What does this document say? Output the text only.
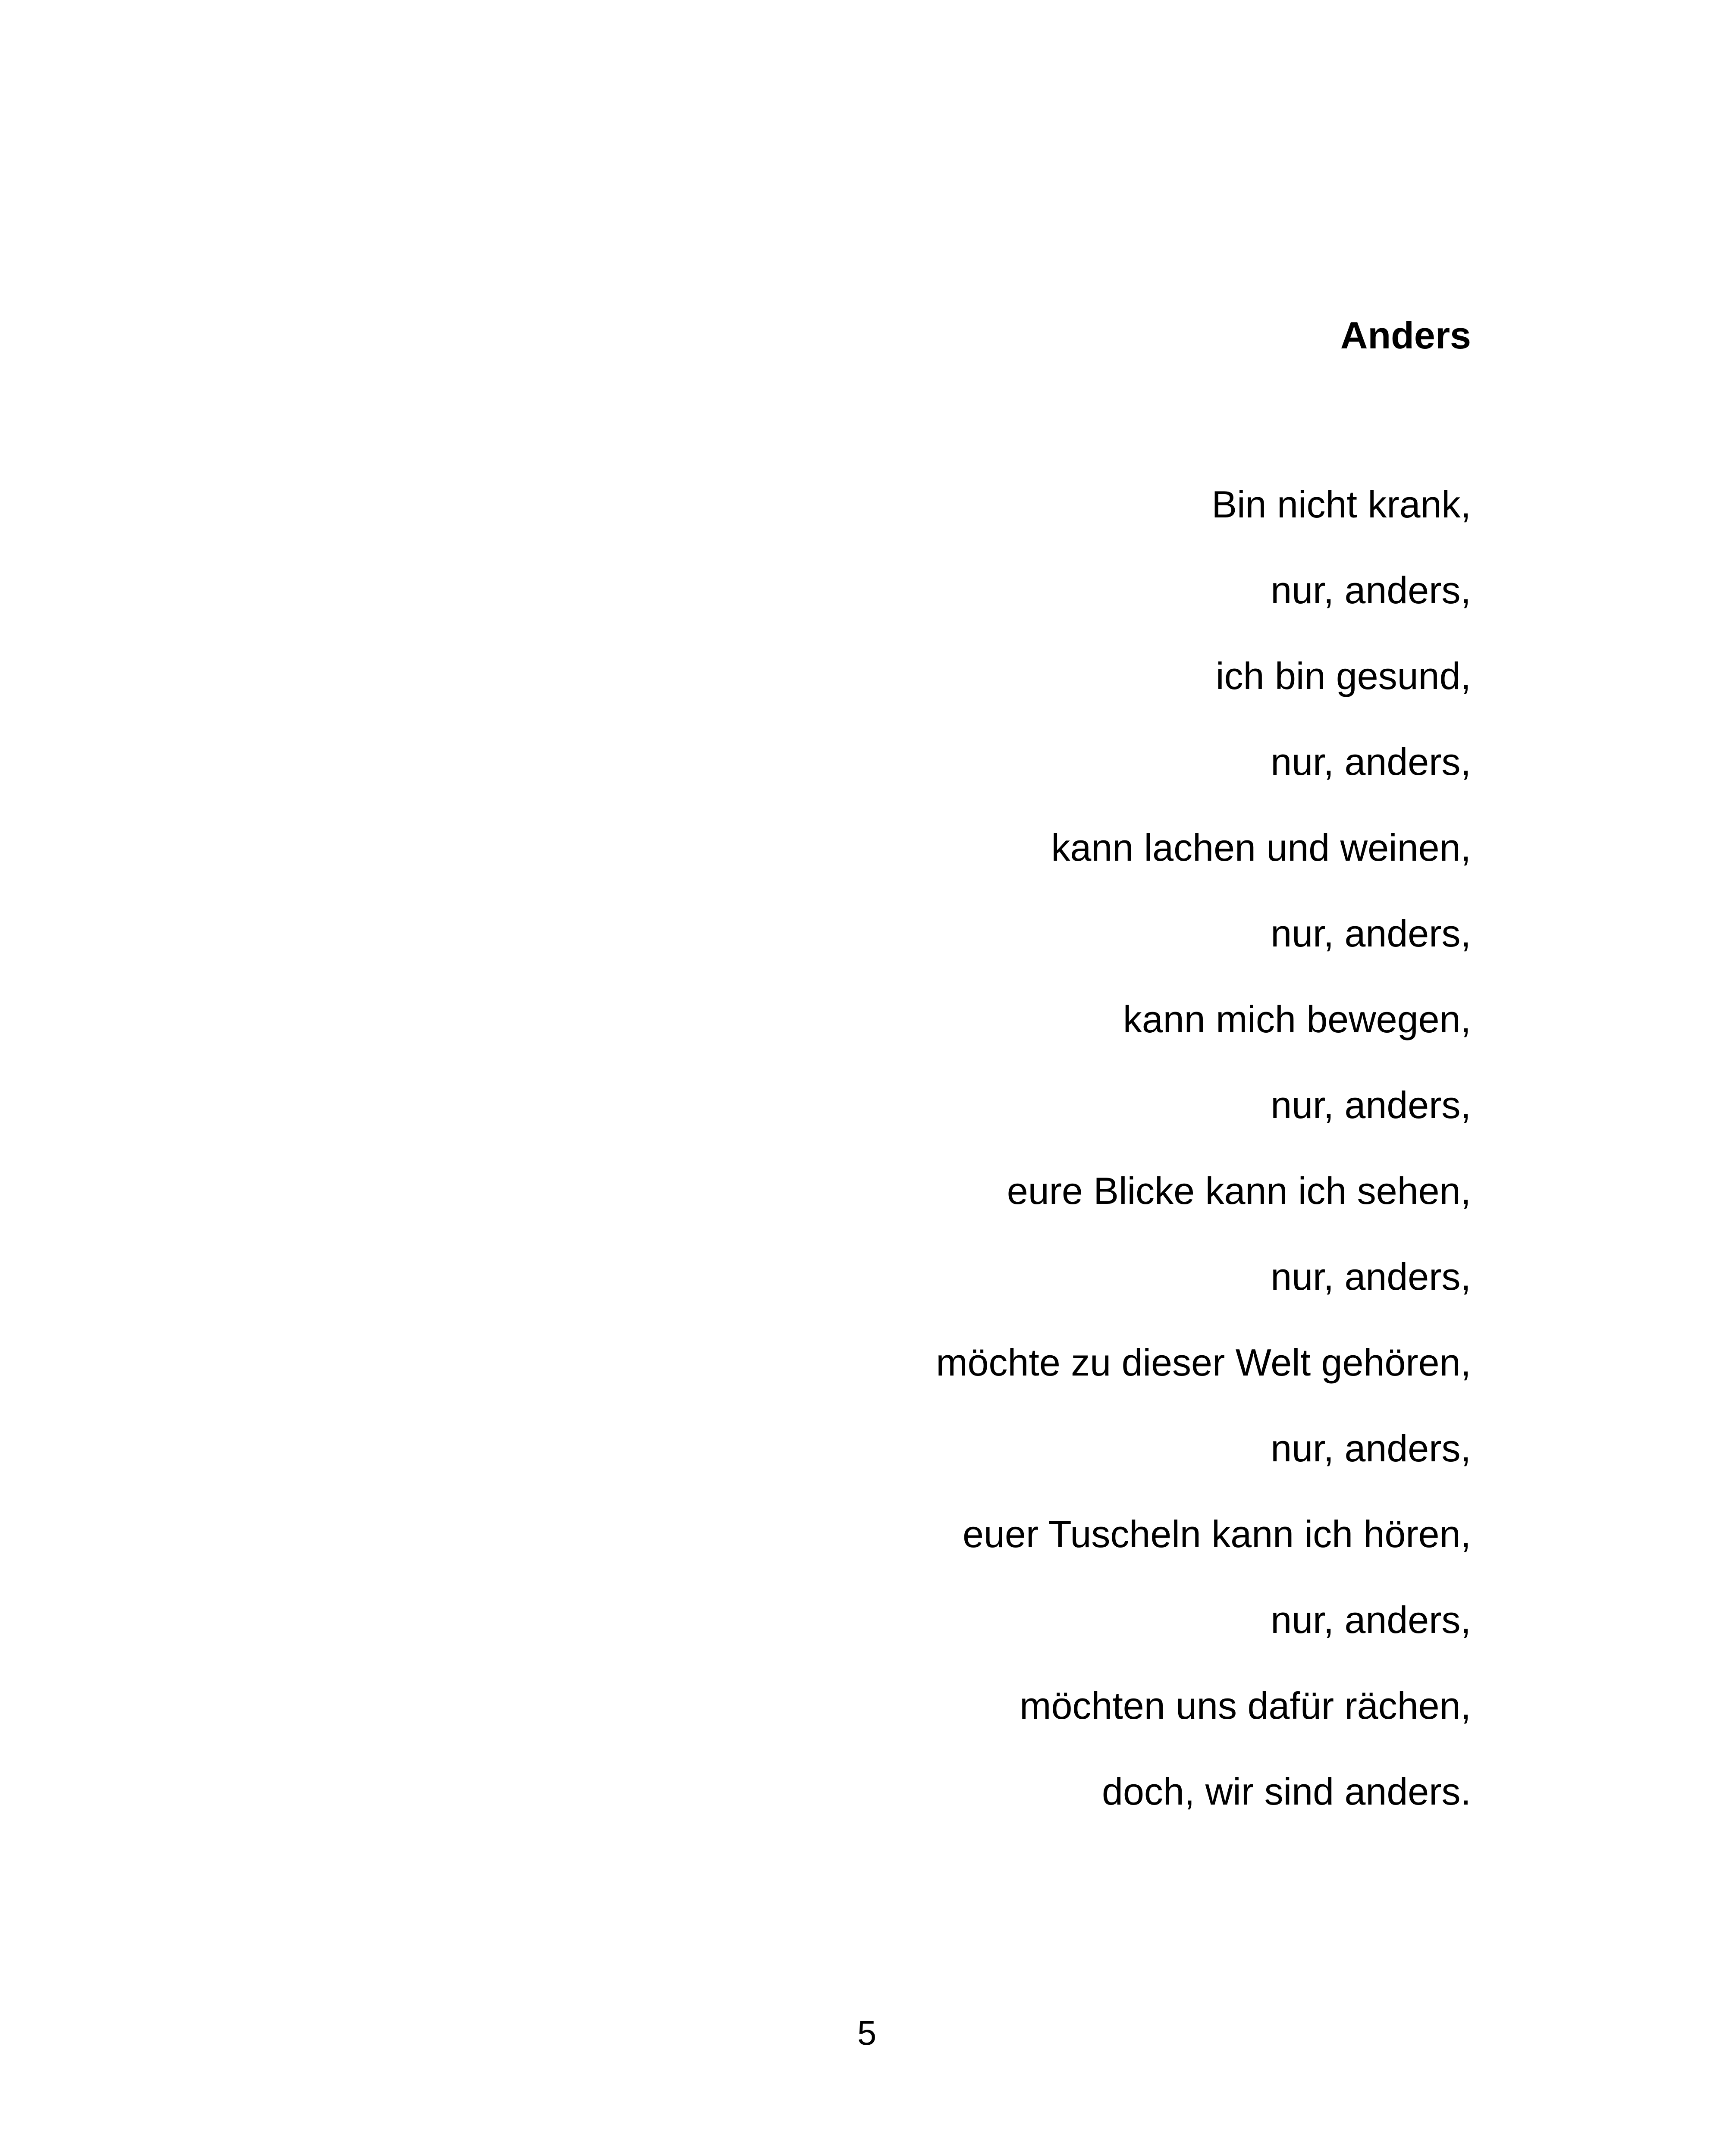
Anders
Bin nicht krank,
nur, anders,
ich bin gesund,
nur, anders,
kann lachen und weinen,
nur, anders,
kann mich bewegen,
nur, anders,
eure Blicke kann ich sehen,
nur, anders,
möchte zu dieser Welt gehören,
nur, anders,
euer Tuscheln kann ich hören,
nur, anders,
möchten uns dafür rächen,
doch, wir sind anders.
5
